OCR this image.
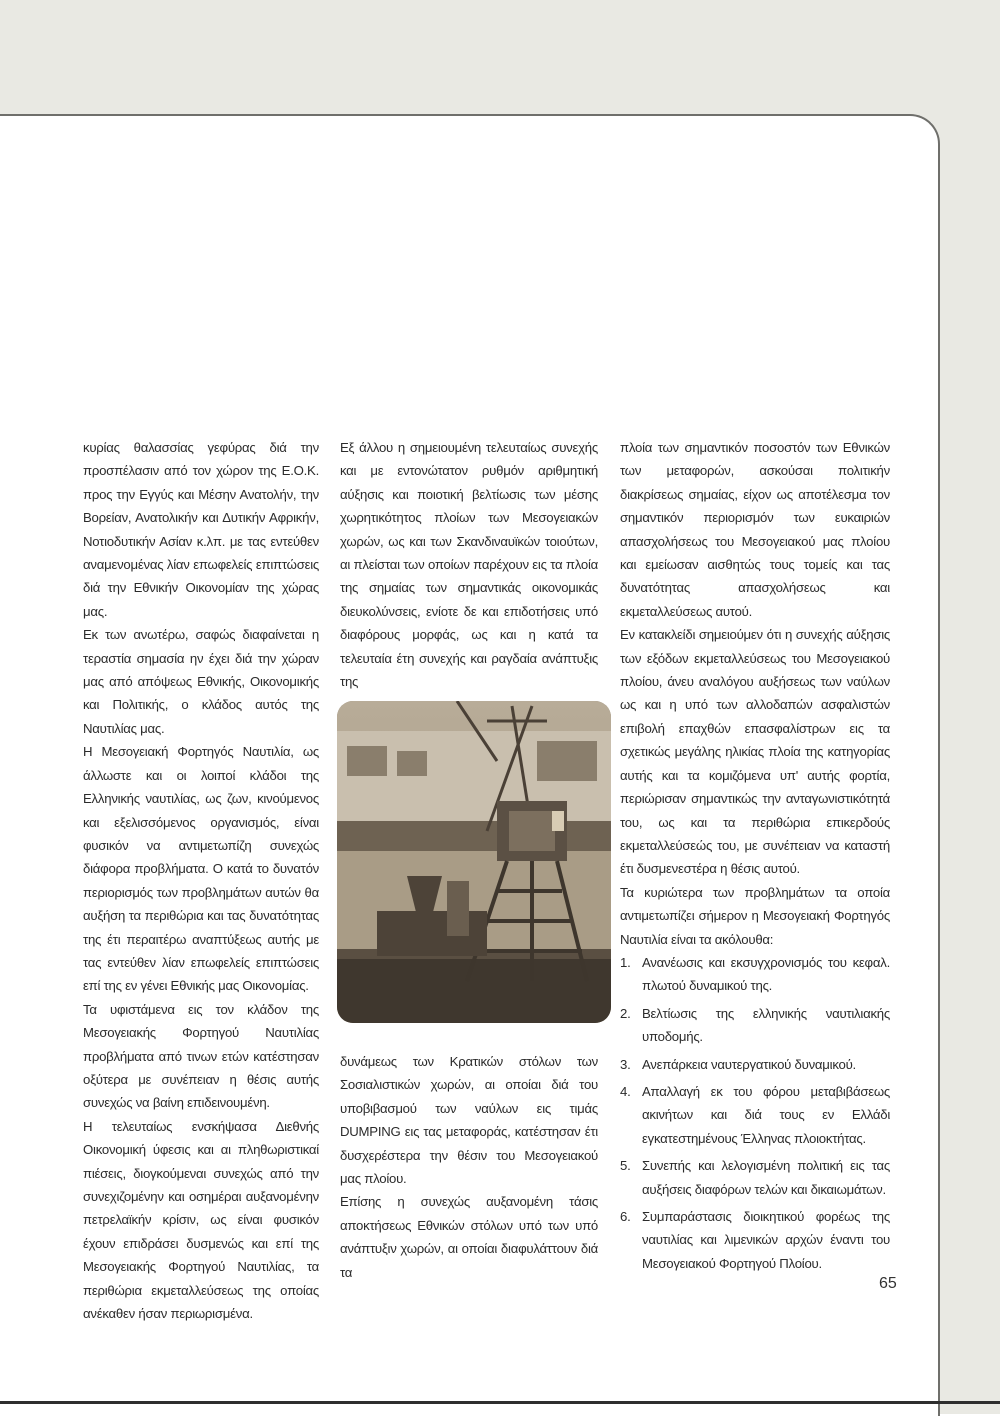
κυρίας θαλασσίας γεφύρας διά την προσπέλασιν από τον χώρον της Ε.Ο.Κ. προς την Εγγύς και Μέσην Ανατολήν, την Βορείαν, Ανατολικήν και Δυτικήν Αφρικήν, Νοτιοδυτικήν Ασίαν κ.λπ. με τας εντεύθεν αναμενομένας λίαν επωφελείς επιπτώσεις διά την Εθνικήν Οικονομίαν της χώρας μας.

Εκ των ανωτέρω, σαφώς διαφαίνεται η τεραστία σημασία ην έχει διά την χώραν μας από απόψεως Εθνικής, Οικονομικής και Πολιτικής, ο κλάδος αυτός της Ναυτιλίας μας.

Η Μεσογειακή Φορτηγός Ναυτιλία, ως άλλωστε και οι λοιποί κλάδοι της Ελληνικής ναυτιλίας, ως ζων, κινούμενος και εξελισσόμενος οργανισμός, είναι φυσικόν να αντιμετωπίζη συνεχώς διάφορα προβλήματα. Ο κατά το δυνατόν περιορισμός των προβλημάτων αυτών θα αυξήση τα περιθώρια και τας δυνατότητας της έτι περαιτέρω αναπτύξεως αυτής με τας εντεύθεν λίαν επωφελείς επιπτώσεις επί της εν γένει Εθνικής μας Οικονομίας.

Τα υφιστάμενα εις τον κλάδον της Μεσογειακής Φορτηγού Ναυτιλίας προβλήματα από τινων ετών κατέστησαν οξύτερα με συνέπειαν η θέσις αυτής συνεχώς να βαίνη επιδεινουμένη.

Η τελευταίως ενσκήψασα Διεθνής Οικονομική ύφεσις και αι πληθωριστικαί πιέσεις, διογκούμεναι συνεχώς από την συνεχιζομένην και οσημέραι αυξανομένην πετρελαϊκήν κρίσιν, ως είναι φυσικόν έχουν επιδράσει δυσμενώς και επί της Μεσογειακής Φορτηγού Ναυτιλίας, τα περιθώρια εκμεταλλεύσεως της οποίας ανέκαθεν ήσαν περιωρισμένα.

Εξ άλλου η σημειουμένη τελευταίως συνεχής και με εντονώτατον ρυθμόν αριθμητική αύξησις και ποιοτική βελτίωσις των μέσης χωρητικότητος πλοίων των Μεσογειακών χωρών, ως και των Σκανδιναυϊκών τοιούτων, αι πλείσται των οποίων παρέχουν εις τα πλοία της σημαίας των σημαντικάς οικονομικάς διευκολύνσεις, ενίοτε δε και επιδοτήσεις υπό διαφόρους μορφάς, ως και η κατά τα τελευταία έτη συνεχής και ραγδαία ανάπτυξις της

δυνάμεως των Κρατικών στόλων των Σοσιαλιστικών χωρών, αι οποίαι διά του υποβιβασμού των ναύλων εις τιμάς DUMPING εις τας μεταφοράς, κατέστησαν έτι δυσχερέστερα την θέσιν του Μεσογειακού μας πλοίου.

Επίσης η συνεχώς αυξανομένη τάσις αποκτήσεως Εθνικών στόλων υπό των υπό ανάπτυξιν χωρών, αι οποίαι διαφυλάττουν διά τα

πλοία των σημαντικόν ποσοστόν των Εθνικών των μεταφορών, ασκούσαι πολιτικήν διακρίσεως σημαίας, είχον ως αποτέλεσμα τον σημαντικόν περιορισμόν των ευκαιριών απασχολήσεως του Μεσογειακού μας πλοίου και εμείωσαν αισθητώς τους τομείς και τας δυνατότητας απασχολήσεως και εκμεταλλεύσεως αυτού.

Εν κατακλείδι σημειούμεν ότι η συνεχής αύξησις των εξόδων εκμεταλλεύσεως του Μεσογειακού πλοίου, άνευ αναλόγου αυξήσεως των ναύλων ως και η υπό των αλλοδαπών ασφαλιστών επιβολή επαχθών επασφαλίστρων εις τα σχετικώς μεγάλης ηλικίας πλοία της κατηγορίας αυτής και τα κομιζόμενα υπ' αυτής φορτία, περιώρισαν σημαντικώς την ανταγωνιστικότητά του, ως και τα περιθώρια επικερδούς εκμεταλλεύσεώς του, με συνέπειαν να καταστή έτι δυσμενεστέρα η θέσις αυτού.

Τα κυριώτερα των προβλημάτων τα οποία αντιμετωπίζει σήμερον η Μεσογειακή Φορτηγός Ναυτιλία είναι τα ακόλουθα:

1. Ανανέωσις και εκσυγχρονισμός του κεφαλ. πλωτού δυναμικού της.
2. Βελτίωσις της ελληνικής ναυτιλιακής υποδομής.
3. Ανεπάρκεια ναυτεργατικού δυναμικού.
4. Απαλλαγή εκ του φόρου μεταβιβάσεως ακινήτων και διά τους εν Ελλάδι εγκατεστημένους Έλληνας πλοιοκτήτας.
5. Συνεπής και λελογισμένη πολιτική εις τας αυξήσεις διαφόρων τελών και δικαιωμάτων.
6. Συμπαράστασις διοικητικού φορέως της ναυτιλίας και λιμενικών αρχών έναντι του Μεσογειακού Φορτηγού Πλοίου.
65
